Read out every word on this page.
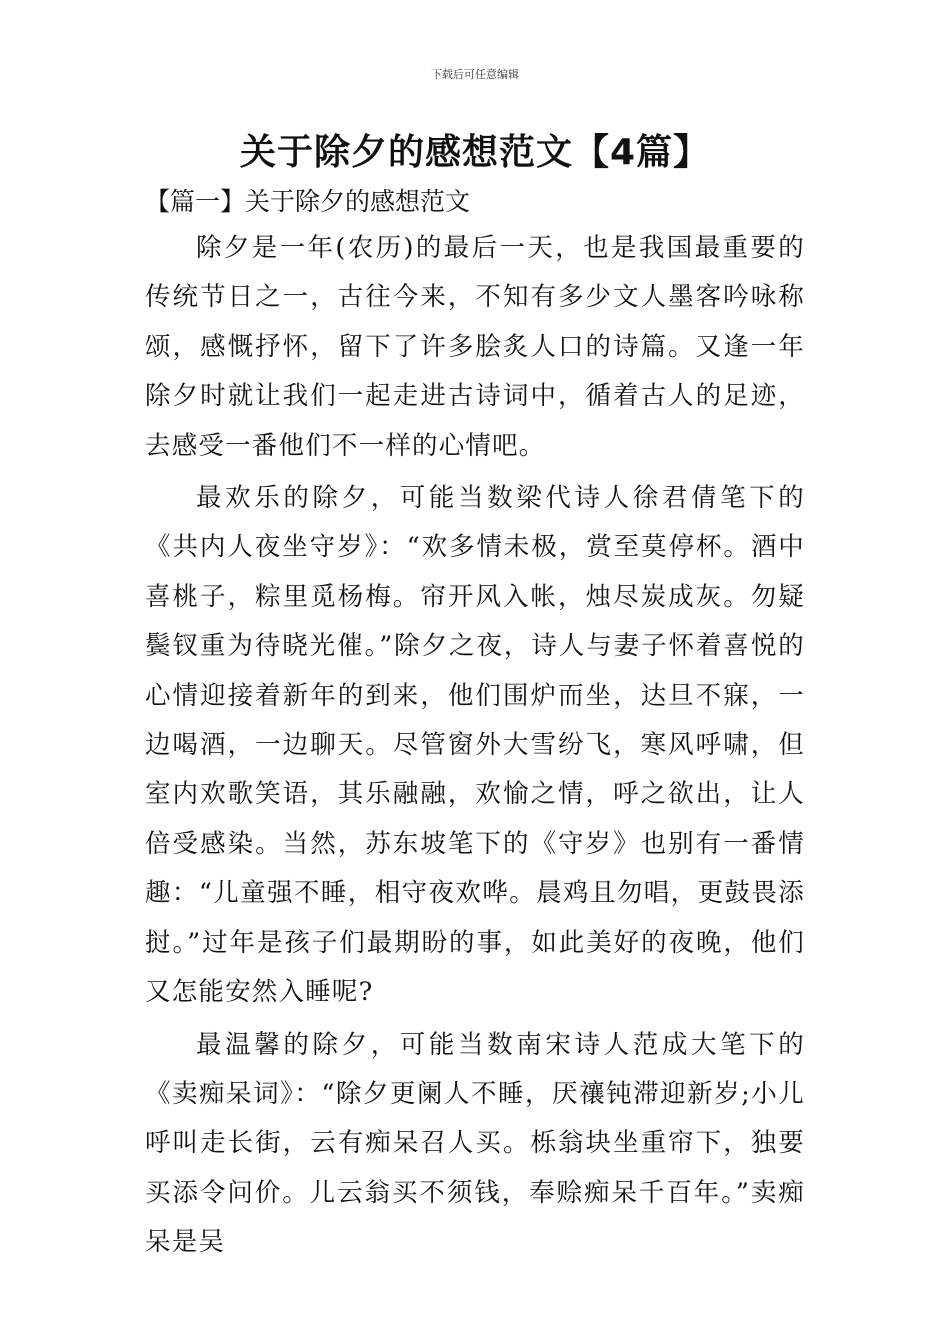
下载后可任意编辑
关于除夕的感想范文【4篇】
【篇一】关于除夕的感想范文

除夕是一年(农历)的最后一天，也是我国最重要的传统节日之一，古往今来，不知有多少文人墨客吟咏称颂，感慨抒怀，留下了许多脍炙人口的诗篇。又逢一年除夕时就让我们一起走进古诗词中，循着古人的足迹，去感受一番他们不一样的心情吧。

最欢乐的除夕，可能当数梁代诗人徐君倩笔下的《共内人夜坐守岁》：“欢多情未极，赏至莫停杯。酒中喜桃子，粽里觅杨梅。帘开风入帐，烛尽炭成灰。勿疑鬓钗重为待晓光催。”除夕之夜，诗人与妻子怀着喜悦的心情迎接着新年的到来，他们围炉而坐，达旦不寐，一边喝酒，一边聊天。尽管窗外大雪纷飞，寒风呼啸，但室内欢歌笑语，其乐融融，欢愉之情，呼之欲出，让人倍受感染。当然，苏东坡笔下的《守岁》也别有一番情趣：“儿童强不睡，相守夜欢哗。晨鸡且勿唱，更鼓畏添挝。”过年是孩子们最期盼的事，如此美好的夜晚，他们又怎能安然入睡呢?

最温馨的除夕，可能当数南宋诗人范成大笔下的《卖痴呆词》：“除夕更阑人不睡，厌禳钝滞迎新岁;小儿呼叫走长街，云有痴呆召人买。栎翁块坐重帘下，独要买添令问价。儿云翁买不须钱，奉赊痴呆千百年。”卖痴呆是吴
